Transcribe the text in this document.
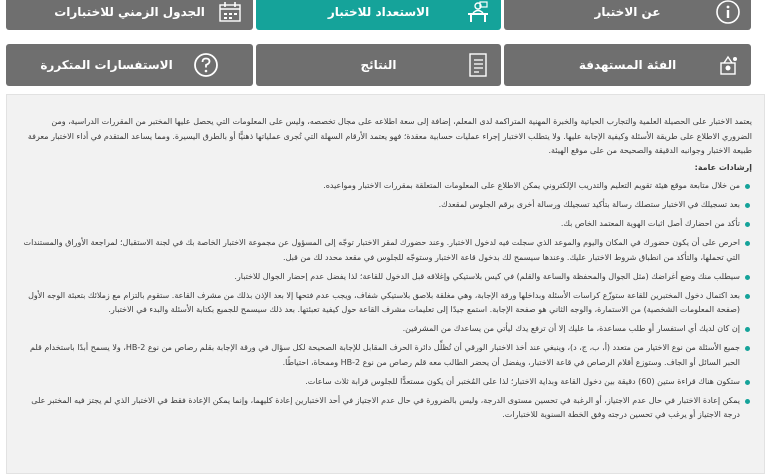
عن الاختبار
الاستعداد للاختبار
الجدول الزمني للاختبارات
الفئة المستهدفة
النتائج
الاستفسارات المتكررة

يعتمد الاختبار على الحصيلة العلمية والتجارب الحياتية والخبرة المهنية المتراكمة لدى المعلم، إضافة إلى سعة اطلاعه على مجال تخصصه، وليس على المعلومات التي يحصل عليها المختبر من المقررات الدراسية، ومن الضروري الاطلاع على طريقة الأسئلة وكيفية الإجابة عليها. ولا يتطلب الاختبار إجراء عمليات حسابية معقدة؛ فهو يعتمد الأرقام السهلة التي تُجرى عملياتها ذهنيًّا أو بالطرق اليسيرة. ومما يساعد المتقدم في أداء الاختبار معرفة طبيعة الاختبار وجوانبه الدقيقة والصحيحة من على موقع الهيئة.

إرشادات عامة:

من خلال متابعة موقع هيئة تقويم التعليم والتدريب الإلكتروني يمكن الاطلاع على المعلومات المتعلقة بمقررات الاختبار ومواعيده.
بعد تسجيلك في الاختبار ستصلك رسالة بتأكيد تسجيلك ورسالة أخرى برقم الجلوس لمقعدك.
تأكد من احضارك أصل اثبات الهوية المعتمد الخاص بك.
احرص على أن يكون حضورك في المكان واليوم والموعد الذي سجلت فيه لدخول الاختبار. وعند حضورك لمقر الاختبار توجّه إلى المسؤول عن مجموعة الاختبار الخاصة بك في لجنة الاستقبال؛ لمراجعة الأوراق والمستندات التي تحملها، والتأكد من انطباق شروط الاختبار عليك. وعندها سيسمح لك بدخول قاعة الاختبار وستوجّه للجلوس في مقعد محدد لك من قبل.
سيطلب منك وضع أغراضك (مثل الجوال والمحفظة والساعة والقلم) في كيس بلاستيكي وإغلاقه قبل الدخول للقاعة؛ لذا يفضل عدم إحضار الجوال للاختبار.
بعد اكتمال دخول المختبرين للقاعة ستوزّع كراسات الأسئلة وبداخلها ورقة الإجابة، وهي مغلقة بلاصق بلاستيكي شفاف، ويجب عدم فتحها إلا بعد الإذن بذلك من مشرف القاعة. ستقوم بالتزام مع زملائك بتعبئة الوجه الأول (صفحة المعلومات الشخصية) من الاستمارة، والوجه الثاني هو صفحة الإجابة. استمع جيدًا إلى تعليمات مشرف القاعة حول كيفية تعبئتها. بعد ذلك سيسمح للجميع بكتابة الأسئلة والبدء في الاختبار.
إن كان لديك أي استفسار أو طلب مساعدة، ما عليك إلا أن ترفع يدك ليأتي من يساعدك من المشرفين.
جميع الأسئلة من نوع الاختيار من متعدد (أ، ب، ج، د)، وينبغي عند أخذ الاختبار الورقي أن تُظلِّل دائرة الحرف المقابل للإجابة الصحيحة لكل سؤال في ورقة الإجابة بقلم رصاص من نوع HB-2، ولا يسمح أبدًا باستخدام قلم الحبر السائل أو الجاف. وستوزع أقلام الرصاص في قاعة الاختبار، ويفضل أن يحضر الطالب معه قلم رصاص من نوع HB-2 وممحاة، احتياطًا.
ستكون هناك قراءة ستين (60) دقيقة بين دخول القاعة وبداية الاختبار؛ لذا على المُختبر أن يكون مستعدًّا للجلوس قرابة ثلاث ساعات.
يمكن إعادة الاختبار في حال عدم الاجتياز، أو الرغبة في تحسين مستوى الدرجة، وليس بالضرورة في حال عدم الاجتياز في أحد الاختبارين إعادة كليهما، وإنما يمكن الإعادة فقط في الاختبار الذي لم يجتز فيه المختبر على درجة الاجتياز أو يرغب في تحسين درجته وفق الخطة السنوية للاختبارات.
